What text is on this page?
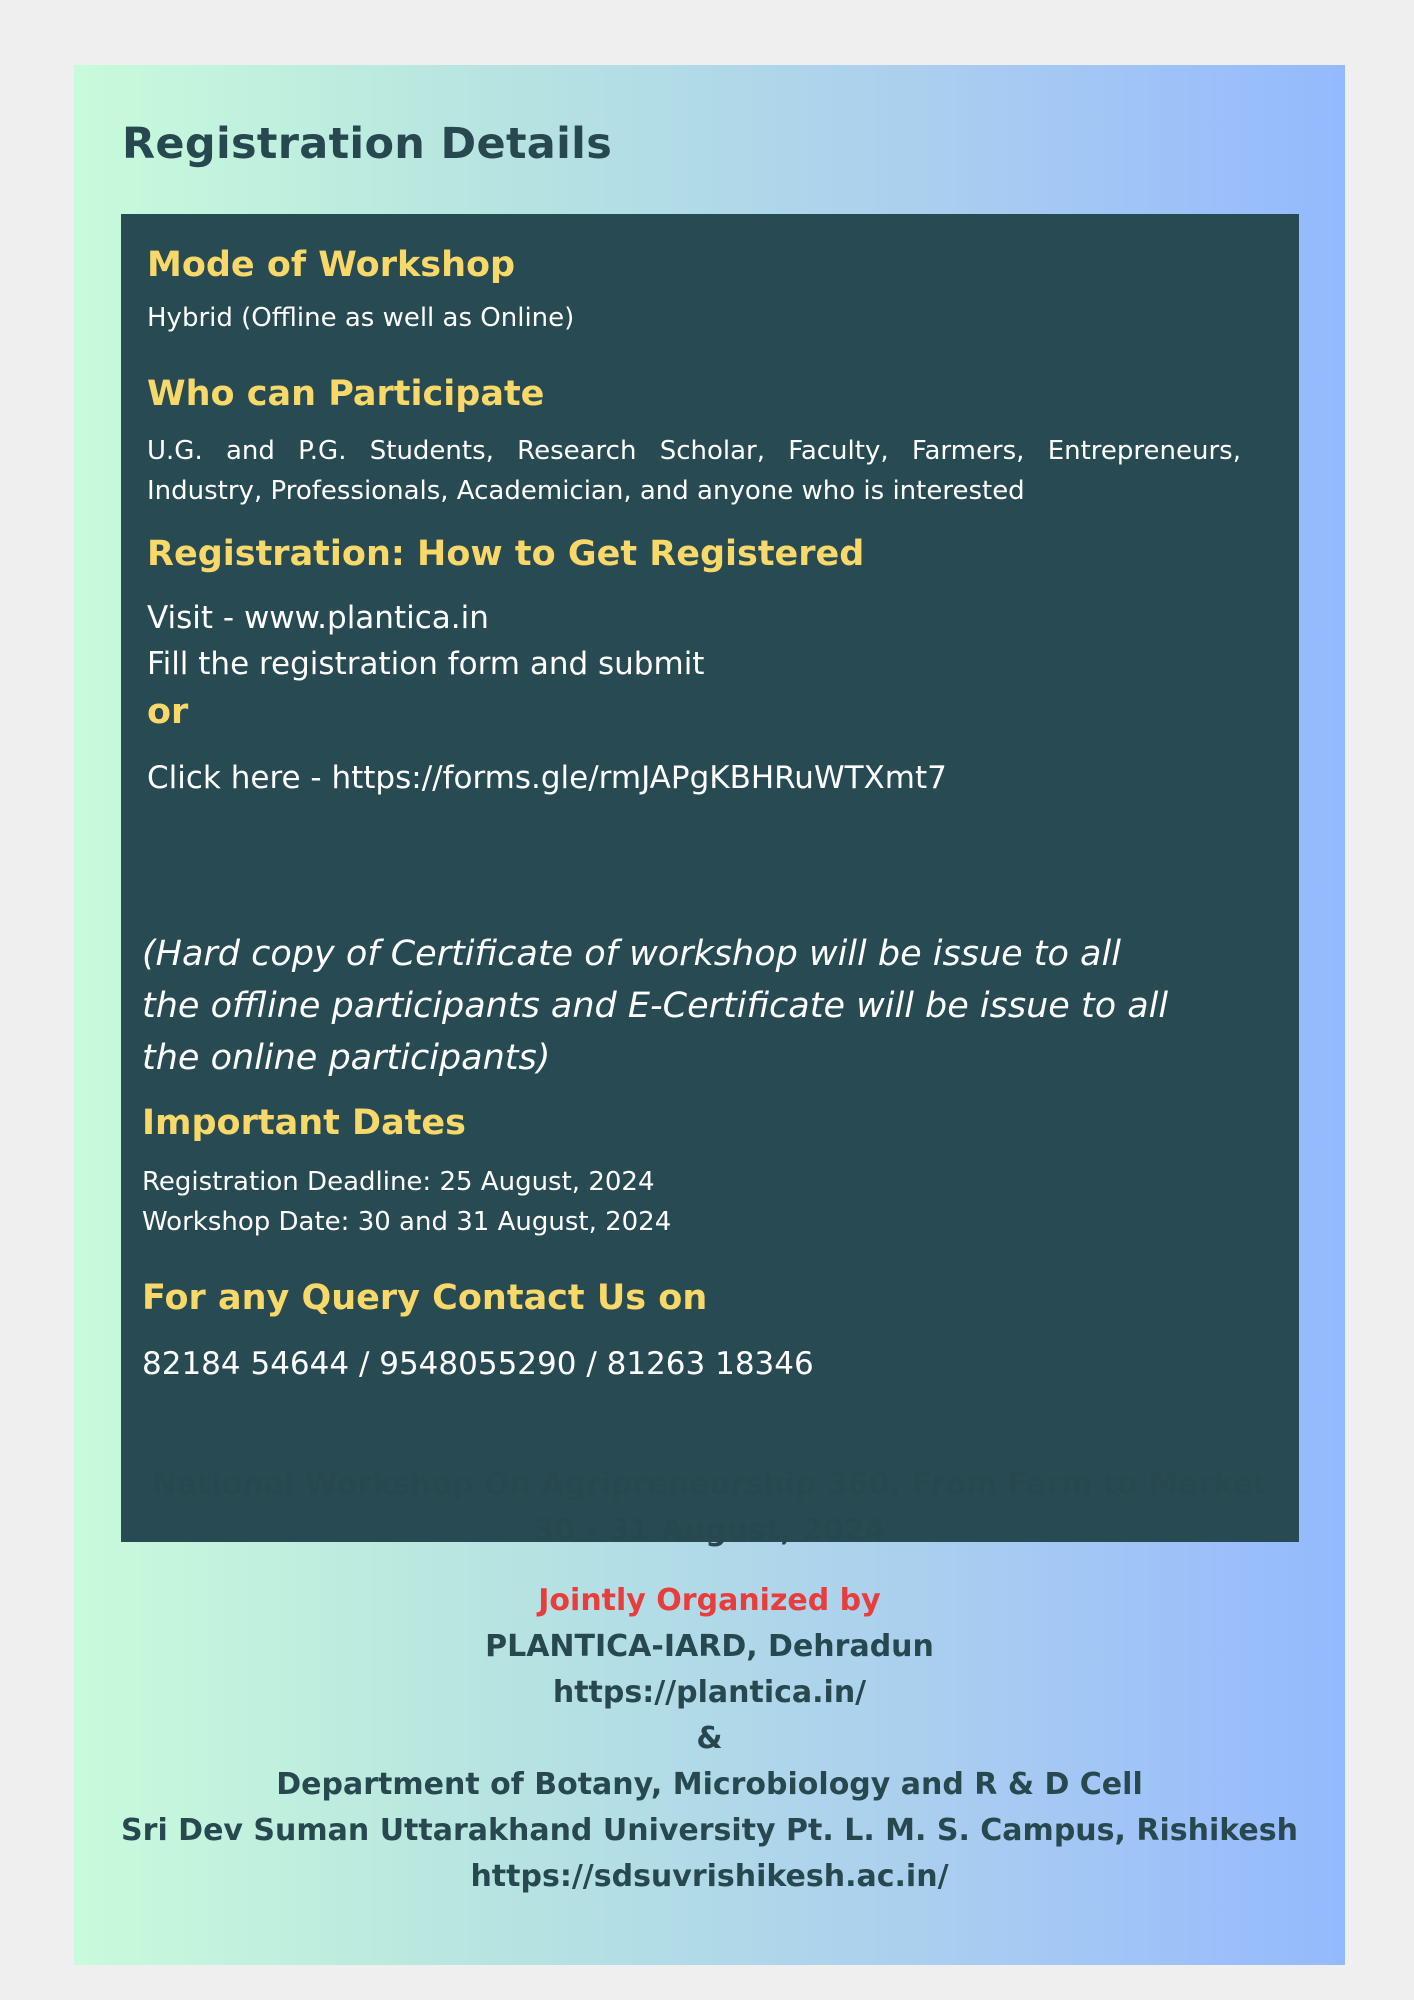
Registration Details

Mode of Workshop

Hybrid (Offline as well as Online)

Who can Participate

U.G. and P.G. Students, Research Scholar, Faculty, Farmers, Entrepreneurs, Industry, Professionals, Academician, and anyone who is interested

Registration: How to Get Registered

Visit - www.plantica.in

Fill the registration form and submit

or

Click here - https://forms.gle/rmJAPgKBHRuWTXmt7

(Hard copy of Certificate of workshop will be issue to all

the offline participants and E-Certificate will be issue to all

the online participants)

Important Dates

Registration Deadline: 25 August, 2024

Workshop Date: 30 and 31 August, 2024

For any Query Contact Us on

82184 54644 / 9548055290 / 81263 18346

National Workshop On Agripreneurship 360: From Farm to Market

30 - 31 August, 2024

Jointly Organized by

PLANTICA-IARD, Dehradun

https://plantica.in/

&

Department of Botany, Microbiology and R & D Cell

Sri Dev Suman Uttarakhand University Pt. L. M. S. Campus, Rishikesh

https://sdsuvrishikesh.ac.in/
